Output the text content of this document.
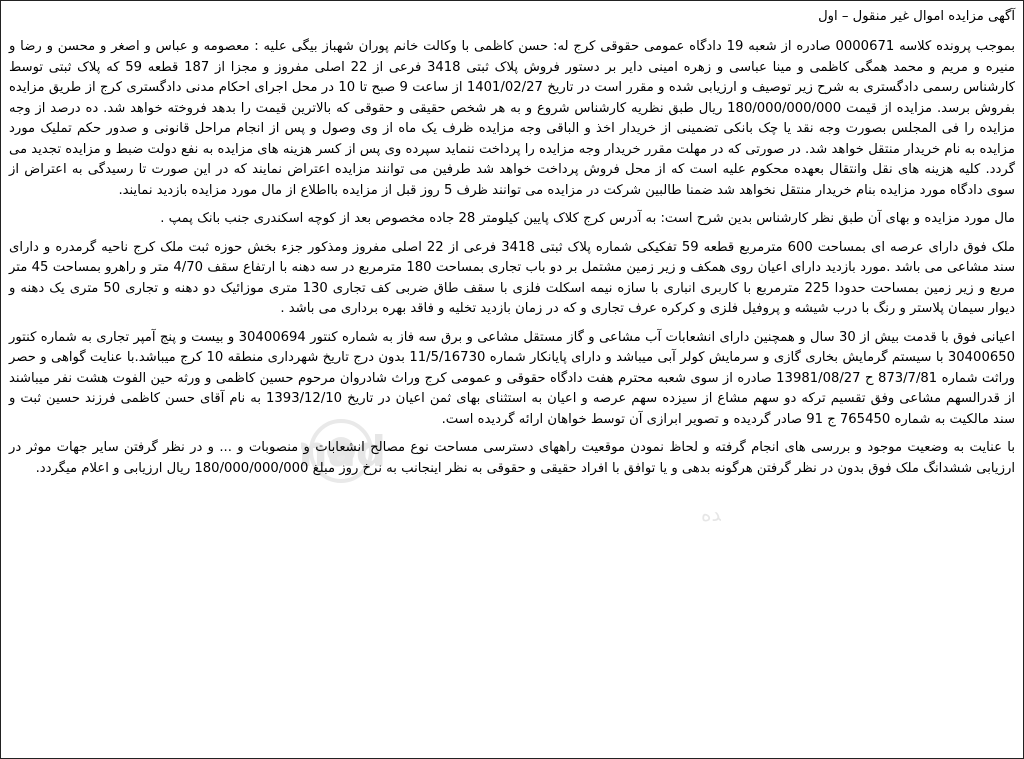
ad
ده
آگهی مزایده اموال غیر منقول – اول

بموجب پرونده کلاسه 0000671 صادره از شعبه 19 دادگاه عمومی حقوقی کرج له: حسن کاظمی با وکالت خانم پوران شهباز بیگی علیه : معصومه و عباس و اصغر و محسن و رضا و منیره و مریم و محمد همگی کاظمی و مینا عباسی و زهره امینی دایر بر دستور فروش پلاک ثبتی 3418 فرعی از 22 اصلی مفروز و مجزا از 187 قطعه 59 که پلاک ثبتی توسط کارشناس رسمی دادگستری به شرح زیر توصیف و ارزیابی شده و مقرر است در تاریخ 1401/02/27 از ساعت 9 صبح تا 10 در محل اجرای احکام مدنی دادگستری کرج از طریق مزایده بفروش برسد. مزایده از قیمت 180/000/000/000 ریال طبق نظریه کارشناس شروع و به هر شخص حقیقی و حقوقی که بالاترین قیمت را بدهد فروخته خواهد شد. ده درصد از وجه مزایده را فی المجلس بصورت وجه نقد یا چک بانکی تضمینی از خریدار اخذ و الباقی وجه مزایده ظرف یک ماه از وی وصول و پس از انجام مراحل قانونی و صدور حکم تملیک مورد مزایده به نام خریدار منتقل خواهد شد. در صورتی که در مهلت مقرر خریدار وجه مزایده را پرداخت ننماید سپرده وی پس از کسر هزینه های مزایده به نفع دولت ضبط و مزایده تجدید می گردد. کلیه هزینه های نقل وانتقال بعهده محکوم علیه است که از محل فروش پرداخت خواهد شد طرفین می توانند مزایده اعتراض نمایند که در این صورت تا رسیدگی به اعتراض از سوی دادگاه مورد مزایده بنام خریدار منتقل نخواهد شد ضمنا طالبین شرکت در مزایده می توانند ظرف 5 روز قبل از مزایده بااطلاع از مال مورد مزایده بازدید نمایند.

مال مورد مزایده و بهای آن طبق نظر کارشناس بدین شرح است: به آدرس کرج کلاک پایین کیلومتر 28 جاده مخصوص بعد از کوچه اسکندری جنب بانک پمپ .

ملک فوق دارای عرصه ای بمساحت 600 مترمربع قطعه 59 تفکیکی شماره پلاک ثبتی 3418 فرعی از 22 اصلی مفروز ومذکور جزء بخش حوزه ثبت ملک کرج ناحیه گرمدره و دارای سند مشاعی می باشد .مورد بازدید دارای اعیان روی همکف و زیر زمین مشتمل بر دو باب تجاری بمساحت 180 مترمربع در سه دهنه با ارتفاع سقف 4/70 متر و راهرو بمساحت 45 متر مربع و زیر زمین بمساحت حدودا 225 مترمربع با کاربری انباری با سازه نیمه اسکلت فلزی با سقف طاق ضربی کف تجاری 130 متری موزائیک دو دهنه و تجاری 50 متری یک دهنه و دیوار سیمان پلاستر و رنگ با درب شیشه و پروفیل فلزی و کرکره عرف تجاری و که در زمان بازدید تخلیه و فاقد بهره برداری می باشد .

اعیانی فوق با قدمت بیش از 30 سال و همچنین دارای انشعابات آب مشاعی و گاز مستقل مشاعی و برق سه فاز به شماره کنتور 30400694 و بیست و پنج آمپر تجاری به شماره کنتور 30400650 با سیستم گرمایش بخاری گازی و سرمایش کولر آبی میباشد و دارای پایانکار شماره 11/5/16730 بدون درج تاریخ شهرداری منطقه 10 کرج میباشد.با عنایت گواهی و حصر وراثت شماره 873/7/81 ح 13981/08/27 صادره از سوی شعبه محترم هفت دادگاه حقوقی و عمومی کرج وراث شادروان مرحوم حسین کاظمی و ورثه حین الفوت هشت نفر میباشند از قدرالسهم مشاعی وفق تقسیم ترکه دو سهم مشاع از سیزده سهم عرصه و اعیان به استثنای بهای ثمن اعیان در تاریخ 1393/12/10 به نام آقای حسن کاظمی فرزند حسین ثبت و سند مالکیت به شماره 765450 ج 91 صادر گردیده و تصویر ابرازی آن توسط خواهان ارائه گردیده است.

با عنایت به وضعیت موجود و بررسی های انجام گرفته و لحاظ نمودن موقعیت راههای دسترسی مساحت نوع مصالح انشعابات و منصوبات و ... و در نظر گرفتن سایر جهات موثر در ارزیابی ششدانگ ملک فوق بدون در نظر گرفتن هرگونه بدهی و یا توافق با افراد حقیقی و حقوقی به نظر اینجانب به نرخ روز مبلغ 180/000/000/000 ریال ارزیابی و اعلام میگردد.
